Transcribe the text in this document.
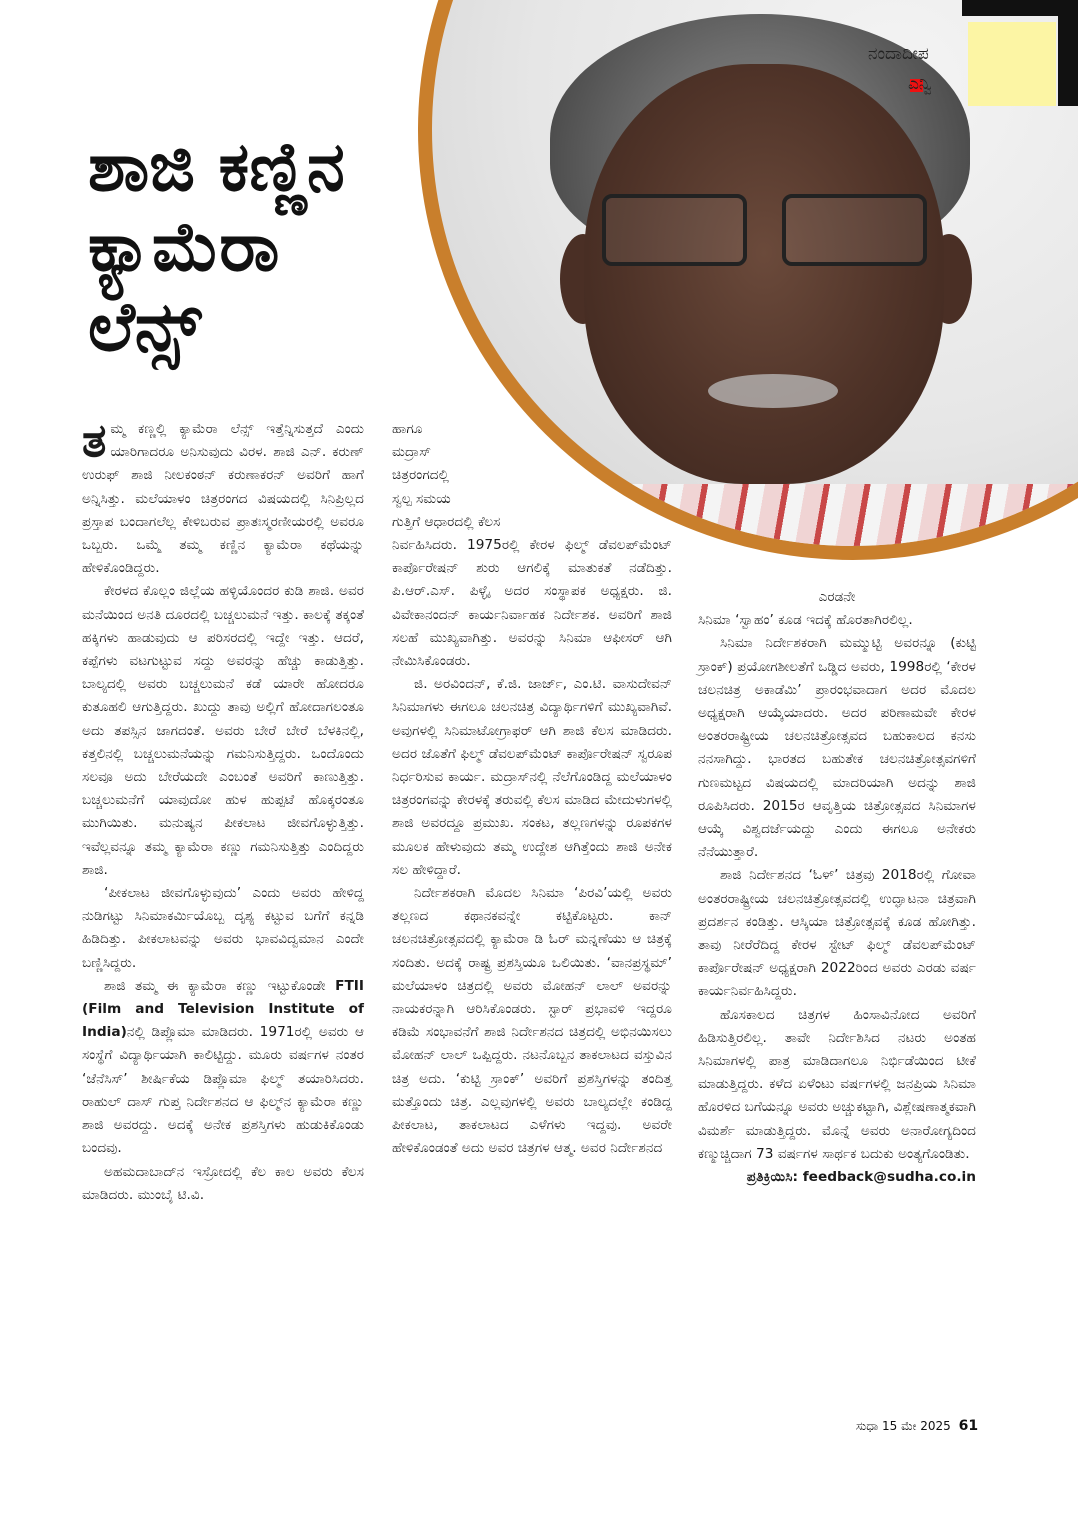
ನಂದಾದೀಪ
ಎನ್ವಿ
ಶಾಜಿ ಕಣ್ಣಿನ
ಕ್ಯಾಮೆರಾ
ಲೆನ್ಸ್

ತಮ್ಮ ಕಣ್ಣಲ್ಲಿ ಕ್ಯಾಮೆರಾ ಲೆನ್ಸ್ ಇತ್ತೆನ್ನಿಸುತ್ತದೆ ಎಂದು ಯಾರಿಗಾದರೂ ಅನಿಸುವುದು ವಿರಳ. ಶಾಜಿ ಎನ್. ಕರುಣ್ ಉರುಫ್ ಶಾಜಿ ನೀಲಕಂಠನ್ ಕರುಣಾಕರನ್ ಅವರಿಗೆ ಹಾಗೆ ಅನ್ನಿಸಿತ್ತು. ಮಲೆಯಾಳಂ ಚಿತ್ರರಂಗದ ವಿಷಯದಲ್ಲಿ ಸಿನಿಪ್ರಿಲ್ಲದ ಪ್ರಸ್ತಾಪ ಬಂದಾಗಲೆಲ್ಲ ಕೇಳಿಬರುವ ಪ್ರಾತಃಸ್ಮರಣೀಯರಲ್ಲಿ ಅವರೂ ಒಬ್ಬರು. ಒಮ್ಮೆ ತಮ್ಮ ಕಣ್ಣಿನ ಕ್ಯಾಮೆರಾ ಕಥೆಯನ್ನು ಹೇಳಿಕೊಂಡಿದ್ದರು.

ಕೇರಳದ ಕೊಲ್ಲಂ ಜಿಲ್ಲೆಯ ಹಳ್ಳಿಯೊಂದರ ಕುಡಿ ಶಾಜಿ. ಅವರ ಮನೆಯಿಂದ ಅನತಿ ದೂರದಲ್ಲಿ ಬಚ್ಚಲುಮನೆ ಇತ್ತು. ಕಾಲಕ್ಕೆ ತಕ್ಕಂತೆ ಹಕ್ಕಿಗಳು ಹಾಡುವುದು ಆ ಪರಿಸರದಲ್ಲಿ ಇದ್ದೇ ಇತ್ತು. ಆದರೆ, ಕಪ್ಪೆಗಳು ವಟಗುಟ್ಟುವ ಸದ್ದು ಅವರನ್ನು ಹೆಚ್ಚು ಕಾಡುತ್ತಿತ್ತು. ಬಾಲ್ಯದಲ್ಲಿ ಅವರು ಬಚ್ಚಲುಮನೆ ಕಡೆ ಯಾರೇ ಹೋದರೂ ಕುತೂಹಲಿ ಆಗುತ್ತಿದ್ದರು. ಖುದ್ದು ತಾವು ಅಲ್ಲಿಗೆ ಹೋದಾಗಲಂತೂ ಅದು ತಪಸ್ಸಿನ ಜಾಗದಂತೆ. ಅವರು ಬೇರೆ ಬೇರೆ ಬೆಳಕಿನಲ್ಲಿ, ಕತ್ತಲಿನಲ್ಲಿ ಬಚ್ಚಲುಮನೆಯನ್ನು ಗಮನಿಸುತ್ತಿದ್ದರು. ಒಂದೊಂದು ಸಲವೂ ಅದು ಬೇರೆಯದೇ ಎಂಬಂತೆ ಅವರಿಗೆ ಕಾಣುತ್ತಿತ್ತು. ಬಚ್ಚಲುಮನೆಗೆ ಯಾವುದೋ ಹುಳ ಹುಪ್ಪಟೆ ಹೊಕ್ಕರಂತೂ ಮುಗಿಯಿತು. ಮನುಷ್ಯನ ಪೀಕಲಾಟ ಜೀವಗೊಳ್ಳುತ್ತಿತ್ತು. ಇವೆಲ್ಲವನ್ನೂ ತಮ್ಮ ಕ್ಯಾಮೆರಾ ಕಣ್ಣು ಗಮನಿಸುತ್ತಿತ್ತು ಎಂದಿದ್ದರು ಶಾಜಿ.

‘ಪೀಕಲಾಟ ಜೀವಗೊಳ್ಳುವುದು’ ಎಂದು ಅವರು ಹೇಳಿದ್ದ ನುಡಿಗಟ್ಟು ಸಿನಿಮಾಕರ್ಮಿಯೊಬ್ಬ ದೃಶ್ಯ ಕಟ್ಟುವ ಬಗೆಗೆ ಕನ್ನಡಿ ಹಿಡಿದಿತ್ತು. ಪೀಕಲಾಟವನ್ನು ಅವರು ಭಾವವಿದ್ವಮಾನ ಎಂದೇ ಬಣ್ಣಿಸಿದ್ದರು.

ಶಾಜಿ ತಮ್ಮ ಈ ಕ್ಯಾಮೆರಾ ಕಣ್ಣು ಇಟ್ಟುಕೊಂಡೇ FTII (Film and Television Institute of India)ನಲ್ಲಿ ಡಿಪ್ಲೊಮಾ ಮಾಡಿದರು. 1971ರಲ್ಲಿ ಅವರು ಆ ಸಂಸ್ಥೆಗೆ ವಿದ್ಯಾರ್ಥಿಯಾಗಿ ಕಾಲಿಟ್ಟಿದ್ದು. ಮೂರು ವರ್ಷಗಳ ನಂತರ ‘ಜೆನೆಸಿಸ್’ ಶೀರ್ಷಿಕೆಯ ಡಿಪ್ಲೊಮಾ ಫಿಲ್ಮ್ ತಯಾರಿಸಿದರು. ರಾಹುಲ್ ದಾಸ್ ಗುಪ್ತ ನಿರ್ದೇಶನದ ಆ ಫಿಲ್ಮ್‌ನ ಕ್ಯಾಮೆರಾ ಕಣ್ಣು ಶಾಜಿ ಅವರದ್ದು. ಅದಕ್ಕೆ ಅನೇಕ ಪ್ರಶಸ್ತಿಗಳು ಹುಡುಕಿಕೊಂಡು ಬಂದವು.

ಅಹಮದಾಬಾದ್‌ನ ಇಸ್ರೋದಲ್ಲಿ ಕೆಲ ಕಾಲ ಅವರು ಕೆಲಸ ಮಾಡಿದರು. ಮುಂಬೈ ಟಿ.ವಿ.

ಹಾಗೂ

ಮದ್ರಾಸ್

ಚಿತ್ರರಂಗದಲ್ಲಿ

ಸ್ವಲ್ಪ ಸಮಯ

ಗುತ್ತಿಗೆ ಆಧಾರದಲ್ಲಿ ಕೆಲಸ

ನಿರ್ವಹಿಸಿದರು. 1975ರಲ್ಲಿ ಕೇರಳ ಫಿಲ್ಮ್ ಡೆವಲಪ್‌ಮೆಂಟ್ ಕಾರ್ಪೊರೇಷನ್ ಶುರು ಆಗಲಿಕ್ಕೆ ಮಾತುಕತೆ ನಡೆದಿತ್ತು. ಪಿ.ಆರ್.ಎಸ್. ಪಿಳ್ಳೈ ಅದರ ಸಂಸ್ಥಾಪಕ ಅಧ್ಯಕ್ಷರು. ಜಿ. ವಿವೇಕಾನಂದನ್ ಕಾರ್ಯನಿರ್ವಾಹಕ ನಿರ್ದೇಶಕ. ಅವರಿಗೆ ಶಾಜಿ ಸಲಹೆ ಮುಖ್ಯವಾಗಿತ್ತು. ಅವರನ್ನು ಸಿನಿಮಾ ಆಫೀಸರ್ ಆಗಿ ನೇಮಿಸಿಕೊಂಡರು.

ಜಿ. ಅರವಿಂದನ್, ಕೆ.ಜಿ. ಜಾರ್ಜ್, ಎಂ.ಟಿ. ವಾಸುದೇವನ್ ಸಿನಿಮಾಗಳು ಈಗಲೂ ಚಲನಚಿತ್ರ ವಿದ್ಯಾರ್ಥಿಗಳಿಗೆ ಮುಖ್ಯವಾಗಿವೆ. ಅವುಗಳಲ್ಲಿ ಸಿನಿಮಾಟೋಗ್ರಾಫರ್ ಆಗಿ ಶಾಜಿ ಕೆಲಸ ಮಾಡಿದರು. ಅದರ ಜೊತೆಗೆ ಫಿಲ್ಮ್ ಡೆವಲಪ್‌ಮೆಂಟ್ ಕಾರ್ಪೊರೇಷನ್ ಸ್ವರೂಪ ನಿರ್ಧರಿಸುವ ಕಾರ್ಯ. ಮದ್ರಾಸ್‌ನಲ್ಲಿ ನೆಲೆಗೊಂಡಿದ್ದ ಮಲೆಯಾಳಂ ಚಿತ್ರರಂಗವನ್ನು ಕೇರಳಕ್ಕೆ ತರುವಲ್ಲಿ ಕೆಲಸ ಮಾಡಿದ ಮೇದುಳುಗಳಲ್ಲಿ ಶಾಜಿ ಅವರದ್ದೂ ಪ್ರಮುಖ. ಸಂಕಟ, ತಲ್ಲಣಗಳನ್ನು ರೂಪಕಗಳ ಮೂಲಕ ಹೇಳುವುದು ತಮ್ಮ ಉದ್ದೇಶ ಆಗಿತ್ತೆಂದು ಶಾಜಿ ಅನೇಕ ಸಲ ಹೇಳಿದ್ದಾರೆ.

ನಿರ್ದೇಶಕರಾಗಿ ಮೊದಲ ಸಿನಿಮಾ ‘ಪಿರವಿ’ಯಲ್ಲಿ ಅವರು ತಲ್ಲಣದ ಕಥಾನಕವನ್ನೇ ಕಟ್ಟಿಕೊಟ್ಟರು. ಕಾನ್ ಚಲನಚಿತ್ರೋತ್ಸವದಲ್ಲಿ ಕ್ಯಾಮೆರಾ ಡಿ ಓರ್ ಮನ್ನಣೆಯು ಆ ಚಿತ್ರಕ್ಕೆ ಸಂದಿತು. ಅದಕ್ಕೆ ರಾಷ್ಟ್ರ ಪ್ರಶಸ್ತಿಯೂ ಒಲಿಯಿತು. ‘ವಾನಪ್ರಸ್ಥಮ್’ ಮಲೆಯಾಳಂ ಚಿತ್ರದಲ್ಲಿ ಅವರು ಮೋಹನ್ ಲಾಲ್ ಅವರನ್ನು ನಾಯಕರನ್ನಾಗಿ ಆರಿಸಿಕೊಂಡರು. ಸ್ಟಾರ್ ಪ್ರಭಾವಳಿ ಇದ್ದರೂ ಕಡಿಮೆ ಸಂಭಾವನೆಗೆ ಶಾಜಿ ನಿರ್ದೇಶನದ ಚಿತ್ರದಲ್ಲಿ ಅಭಿನಯಿಸಲು ಮೋಹನ್ ಲಾಲ್ ಒಪ್ಪಿದ್ದರು. ನಟನೊಬ್ಬನ ತಾಕಲಾಟದ ವಸ್ತುವಿನ ಚಿತ್ರ ಅದು. ‘ಕುಟ್ಟಿ ಸ್ರಾಂಕ್’ ಅವರಿಗೆ ಪ್ರಶಸ್ತಿಗಳನ್ನು ತಂದಿತ್ತ ಮತ್ತೊಂದು ಚಿತ್ರ. ಎಲ್ಲವುಗಳಲ್ಲಿ ಅವರು ಬಾಲ್ಯದಲ್ಲೇ ಕಂಡಿದ್ದ ಪೀಕಲಾಟ, ತಾಕಲಾಟದ ಎಳೆಗಳು ಇದ್ದವು. ಅವರೇ ಹೇಳಿಕೊಂಡಂತೆ ಅದು ಅವರ ಚಿತ್ರಗಳ ಆತ್ಮ. ಅವರ ನಿರ್ದೇಶನದ

ಎರಡನೇ

ಸಿನಿಮಾ ‘ಸ್ವಾಹಂ’ ಕೂಡ ಇದಕ್ಕೆ ಹೊರತಾಗಿರಲಿಲ್ಲ.

ಸಿನಿಮಾ ನಿರ್ದೇಶಕರಾಗಿ ಮಮ್ಮುಟ್ಟಿ ಅವರನ್ನೂ (ಕುಟ್ಟಿ ಸ್ರಾಂಕ್) ಪ್ರಯೋಗಶೀಲತೆಗೆ ಒಡ್ಡಿದ ಅವರು, 1998ರಲ್ಲಿ ‘ಕೇರಳ ಚಲನಚಿತ್ರ ಅಕಾಡೆಮಿ’ ಪ್ರಾರಂಭವಾದಾಗ ಅದರ ಮೊದಲ ಅಧ್ಯಕ್ಷರಾಗಿ ಆಯ್ಕೆಯಾದರು. ಅದರ ಪರಿಣಾಮವೇ ಕೇರಳ ಅಂತರರಾಷ್ಟ್ರೀಯ ಚಲನಚಿತ್ರೋತ್ಸವದ ಬಹುಕಾಲದ ಕನಸು ನನಸಾಗಿದ್ದು. ಭಾರತದ ಬಹುತೇಕ ಚಲನಚಿತ್ರೋತ್ಸವಗಳಿಗೆ ಗುಣಮಟ್ಟದ ವಿಷಯದಲ್ಲಿ ಮಾದರಿಯಾಗಿ ಅದನ್ನು ಶಾಜಿ ರೂಪಿಸಿದರು. 2015ರ ಆವೃತ್ತಿಯ ಚಿತ್ರೋತ್ಸವದ ಸಿನಿಮಾಗಳ ಆಯ್ಕೆ ವಿಶ್ವದರ್ಜೆಯದ್ದು ಎಂದು ಈಗಲೂ ಅನೇಕರು ನೆನೆಯುತ್ತಾರೆ.

ಶಾಜಿ ನಿರ್ದೇಶನದ ‘ಓಳ್’ ಚಿತ್ರವು 2018ರಲ್ಲಿ ಗೋವಾ ಅಂತರರಾಷ್ಟ್ರೀಯ ಚಲನಚಿತ್ರೋತ್ಸವದಲ್ಲಿ ಉದ್ಘಾಟನಾ ಚಿತ್ರವಾಗಿ ಪ್ರದರ್ಶನ ಕಂಡಿತ್ತು. ಆಸ್ಕಿಯಾ ಚಿತ್ರೋತ್ಸವಕ್ಕೆ ಕೂಡ ಹೋಗಿತ್ತು. ತಾವು ನೀರೆರೆದಿದ್ದ ಕೇರಳ ಸ್ಟೇಟ್ ಫಿಲ್ಮ್ ಡೆವಲಪ್‌ಮೆಂಟ್ ಕಾರ್ಪೊರೇಷನ್ ಅಧ್ಯಕ್ಷರಾಗಿ 2022ರಿಂದ ಅವರು ಎರಡು ವರ್ಷ ಕಾರ್ಯನಿರ್ವಹಿಸಿದ್ದರು.

ಹೊಸಕಾಲದ ಚಿತ್ರಗಳ ಹಿಂಸಾವಿನೋದ ಅವರಿಗೆ ಹಿಡಿಸುತ್ತಿರಲಿಲ್ಲ. ತಾವೇ ನಿರ್ದೇಶಿಸಿದ ನಟರು ಅಂತಹ ಸಿನಿಮಾಗಳಲ್ಲಿ ಪಾತ್ರ ಮಾಡಿದಾಗಲೂ ನಿರ್ಭಿಡೆಯಿಂದ ಟೀಕೆ ಮಾಡುತ್ತಿದ್ದರು. ಕಳೆದ ಏಳೆಂಟು ವರ್ಷಗಳಲ್ಲಿ ಜನಪ್ರಿಯ ಸಿನಿಮಾ ಹೊರಳಿದ ಬಗೆಯನ್ನೂ ಅವರು ಅಚ್ಚುಕಟ್ಟಾಗಿ, ವಿಶ್ಲೇಷಣಾತ್ಮಕವಾಗಿ ವಿಮರ್ಶೆ ಮಾಡುತ್ತಿದ್ದರು. ಮೊನ್ನೆ ಅವರು ಅನಾರೋಗ್ಯದಿಂದ ಕಣ್ಮುಚ್ಚಿದಾಗ 73 ವರ್ಷಗಳ ಸಾರ್ಥಕ ಬದುಕು ಅಂತ್ಯಗೊಂಡಿತು.

ಪ್ರತಿಕ್ರಿಯಿಸಿ: feedback@sudha.co.in

ಸುಧಾ 15 ಮೇ 2025 61
